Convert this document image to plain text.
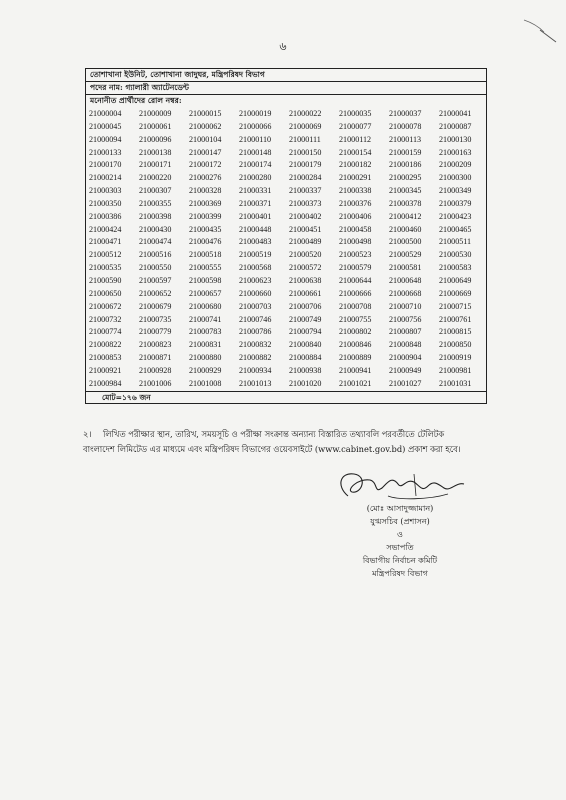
৬
তোশাখানা ইউনিট, তোশাখানা জাদুঘর, মন্ত্রিপরিষদ বিভাগ
পদের নাম: গ্যালারী অ্যাটেনডেন্ট
মনোনীত প্রার্থীদের রোল নম্বর:
21000004	21000009	21000015	21000019	21000022	21000035	21000037	21000041
21000045	21000061	21000062	21000066	21000069	21000077	21000078	21000087
21000094	21000096	21000104	21000110	21000111	21000112	21000113	21000130
21000133	21000138	21000147	21000148	21000150	21000154	21000159	21000163
21000170	21000171	21000172	21000174	21000179	21000182	21000186	21000209
21000214	21000220	21000276	21000280	21000284	21000291	21000295	21000300
21000303	21000307	21000328	21000331	21000337	21000338	21000345	21000349
21000350	21000355	21000369	21000371	21000373	21000376	21000378	21000379
21000386	21000398	21000399	21000401	21000402	21000406	21000412	21000423
21000424	21000430	21000435	21000448	21000451	21000458	21000460	21000465
21000471	21000474	21000476	21000483	21000489	21000498	21000500	21000511
21000512	21000516	21000518	21000519	21000520	21000523	21000529	21000530
21000535	21000550	21000555	21000568	21000572	21000579	21000581	21000583
21000590	21000597	21000598	21000623	21000638	21000644	21000648	21000649
21000650	21000652	21000657	21000660	21000661	21000666	21000668	21000669
21000672	21000679	21000680	21000703	21000706	21000708	21000710	21000715
21000732	21000735	21000741	21000746	21000749	21000755	21000756	21000761
21000774	21000779	21000783	21000786	21000794	21000802	21000807	21000815
21000822	21000823	21000831	21000832	21000840	21000846	21000848	21000850
21000853	21000871	21000880	21000882	21000884	21000889	21000904	21000919
21000921	21000928	21000929	21000934	21000938	21000941	21000949	21000981
21000984	21001006	21001008	21001013	21001020	21001021	21001027	21001031
মোট=১৭৬ জন
২। লিখিত পরীক্ষার স্থান, তারিখ, সময়সূচি ও পরীক্ষা সংক্রান্ত অন্যান্য বিস্তারিত তথ্যাবলি পরবর্তীতে টেলিটক
বাংলাদেশ লিমিটেড এর মাধ্যমে এবং মন্ত্রিপরিষদ বিভাগের ওয়েবসাইটে (www.cabinet.gov.bd) প্রকাশ করা হবে।
(মোঃ আসাদুজ্জামান)
যুগ্মসচিব (প্রশাসন)
ও
সভাপতি
বিভাগীয় নির্বাচন কমিটি
মন্ত্রিপরিষদ বিভাগ
